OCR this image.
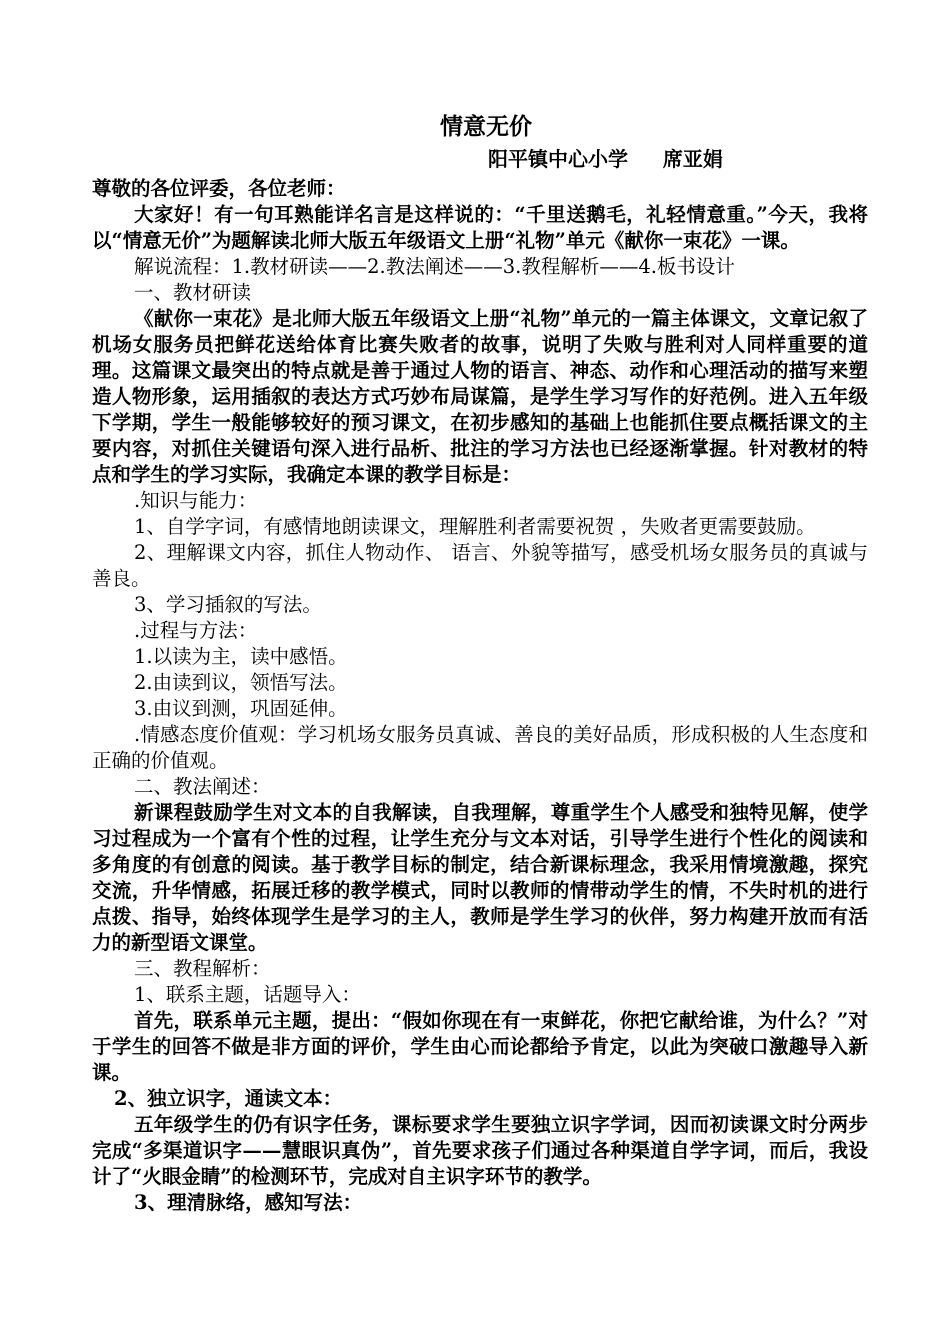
情意无价
阳平镇中心小学     席亚娟

尊敬的各位评委，各位老师：

大家好！有一句耳熟能详名言是这样说的：“千里送鹅毛，礼轻情意重。”今天，我将以“情意无价”为题解读北师大版五年级语文上册“礼物”单元《献你一束花》一课。

解说流程：1.教材研读——2.教法阐述——3.教程解析——4.板书设计

一、教材研读

《献你一束花》是北师大版五年级语文上册“礼物”单元的一篇主体课文，文章记叙了机场女服务员把鲜花送给体育比赛失败者的故事，说明了失败与胜利对人同样重要的道理。这篇课文最突出的特点就是善于通过人物的语言、神态、动作和心理活动的描写来塑造人物形象，运用插叙的表达方式巧妙布局谋篇，是学生学习写作的好范例。进入五年级下学期，学生一般能够较好的预习课文，在初步感知的基础上也能抓住要点概括课文的主要内容，对抓住关键语句深入进行品析、批注的学习方法也已经逐渐掌握。针对教材的特点和学生的学习实际，我确定本课的教学目标是：

.知识与能力：

1、自学字词，有感情地朗读课文，理解胜利者需要祝贺 ，失败者更需要鼓励。

2、理解课文内容，抓住人物动作、 语言、外貌等描写，感受机场女服务员的真诚与善良。

3、学习插叙的写法。

.过程与方法：

1.以读为主，读中感悟。

2.由读到议，领悟写法。

3.由议到测，巩固延伸。

.情感态度价值观：学习机场女服务员真诚、善良的美好品质，形成积极的人生态度和正确的价值观。

二、教法阐述：

新课程鼓励学生对文本的自我解读，自我理解，尊重学生个人感受和独特见解，使学习过程成为一个富有个性的过程，让学生充分与文本对话，引导学生进行个性化的阅读和多角度的有创意的阅读。基于教学目标的制定，结合新课标理念，我采用情境激趣，探究交流，升华情感，拓展迁移的教学模式，同时以教师的情带动学生的情，不失时机的进行点拨、指导，始终体现学生是学习的主人，教师是学生学习的伙伴，努力构建开放而有活力的新型语文课堂。

三、教程解析：

1、联系主题，话题导入：

首先，联系单元主题，提出：“假如你现在有一束鲜花，你把它献给谁，为什么？”对于学生的回答不做是非方面的评价，学生由心而论都给予肯定，以此为突破口激趣导入新课。

2、独立识字，通读文本：

五年级学生的仍有识字任务，课标要求学生要独立识字学词，因而初读课文时分两步完成“多渠道识字——慧眼识真伪”，首先要求孩子们通过各种渠道自学字词，而后，我设计了“火眼金睛”的检测环节，完成对自主识字环节的教学。

3、理清脉络，感知写法：
